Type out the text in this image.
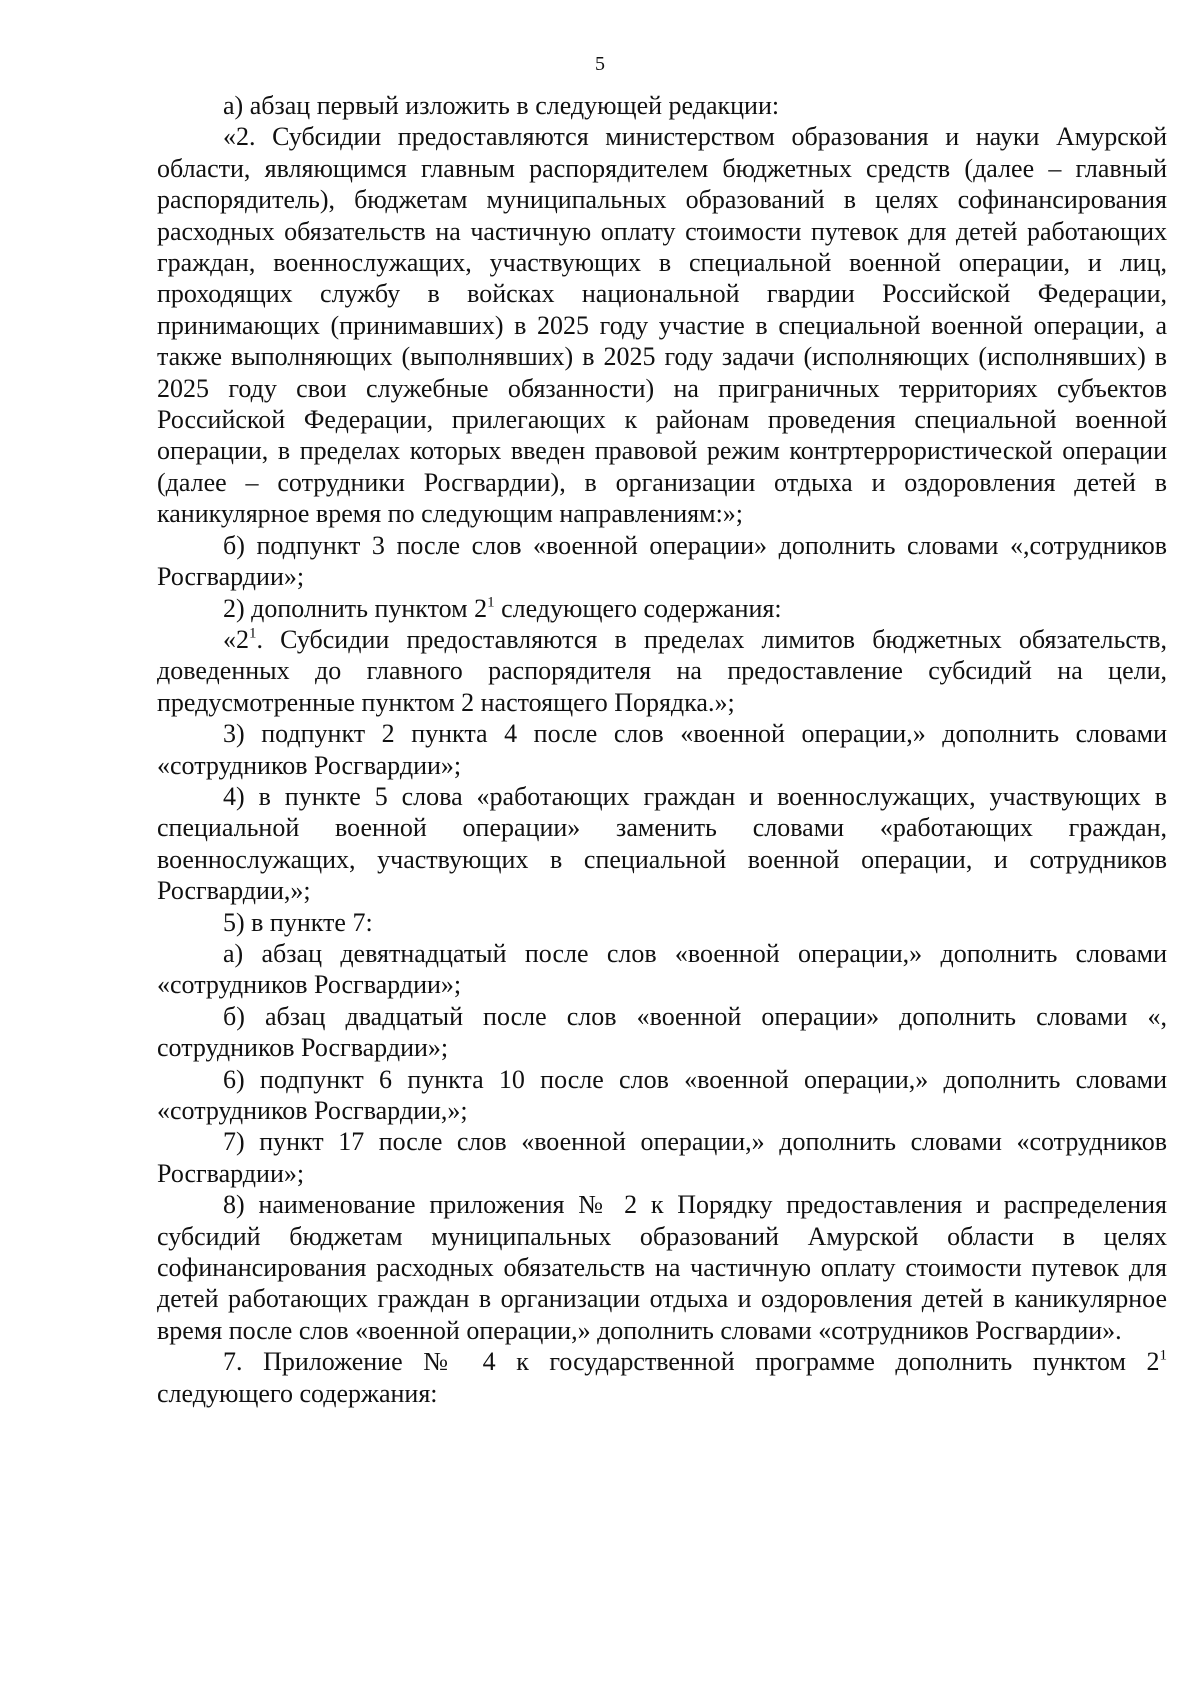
5

а) абзац первый изложить в следующей редакции:

«2. Субсидии предоставляются министерством образования и науки Амурской области, являющимся главным распорядителем бюджетных средств (далее – главный распорядитель), бюджетам муниципальных образований в целях софинансирования расходных обязательств на частичную оплату стоимости путевок для детей работающих граждан, военнослужащих, участвующих в специальной военной операции, и лиц, проходящих службу в войсках национальной гвардии Российской Федерации, принимающих (принимавших) в 2025 году участие в специальной военной операции, а также выполняющих (выполнявших) в 2025 году задачи (исполняющих (исполнявших) в 2025 году свои служебные обязанности) на приграничных территориях субъектов Российской Федерации, прилегающих к районам проведения специальной военной операции, в пределах которых введен правовой режим контртеррористической операции (далее – сотрудники Росгвардии), в организации отдыха и оздоровления детей в каникулярное время по следующим направлениям:»;

б) подпункт 3 после слов «военной операции» дополнить словами «,сотрудников Росгвардии»;

2) дополнить пунктом $2^1$ следующего содержания:

«$2^1$. Субсидии предоставляются в пределах лимитов бюджетных обязательств, доведенных до главного распорядителя на предоставление субсидий на цели, предусмотренные пунктом 2 настоящего Порядка.»;

3) подпункт 2 пункта 4 после слов «военной операции,» дополнить словами «сотрудников Росгвардии»;

4) в пункте 5 слова «работающих граждан и военнослужащих, участвующих в специальной военной операции» заменить словами «работающих граждан, военнослужащих, участвующих в специальной военной операции, и сотрудников Росгвардии,»;

5) в пункте 7:

а) абзац девятнадцатый после слов «военной операции,» дополнить словами «сотрудников Росгвардии»;

б) абзац двадцатый после слов «военной операции» дополнить словами «, сотрудников Росгвардии»;

6) подпункт 6 пункта 10 после слов «военной операции,» дополнить словами «сотрудников Росгвардии,»;

7) пункт 17 после слов «военной операции,» дополнить словами «сотрудников Росгвардии»;

8) наименование приложения № 2 к Порядку предоставления и распределения субсидий бюджетам муниципальных образований Амурской области в целях софинансирования расходных обязательств на частичную оплату стоимости путевок для детей работающих граждан в организации отдыха и оздоровления детей в каникулярное время после слов «военной операции,» дополнить словами «сотрудников Росгвардии».

7. Приложение № 4 к государственной программе дополнить пунктом $2^1$ следующего содержания:
